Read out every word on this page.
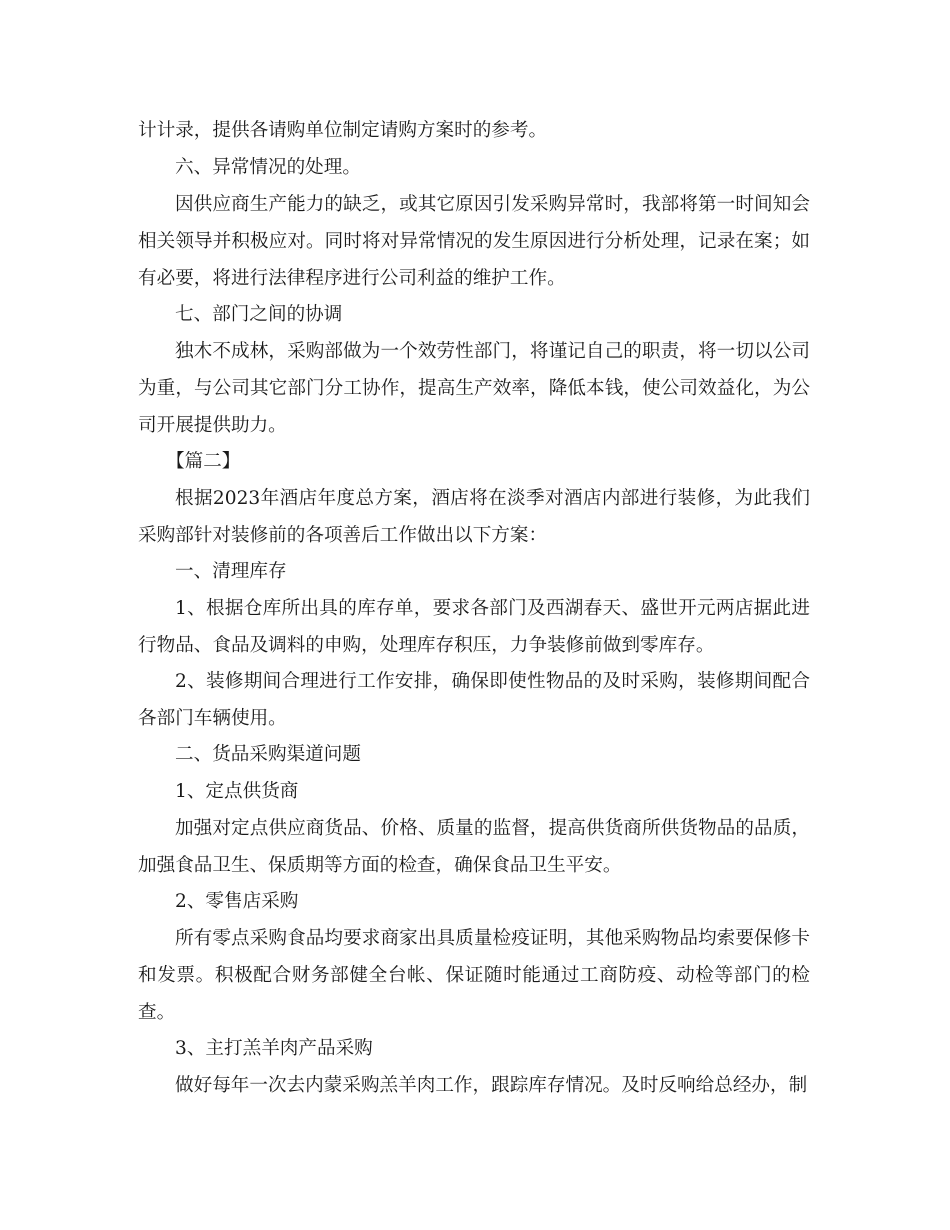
计计录，提供各请购单位制定请购方案时的参考。

六、异常情况的处理。

因供应商生产能力的缺乏，或其它原因引发采购异常时，我部将第一时间知会相关领导并积极应对。同时将对异常情况的发生原因进行分析处理，记录在案；如有必要，将进行法律程序进行公司利益的维护工作。

七、部门之间的协调

独木不成林，采购部做为一个效劳性部门，将谨记自己的职责，将一切以公司为重，与公司其它部门分工协作，提高生产效率，降低本钱，使公司效益化，为公司开展提供助力。

【篇二】

根据2023年酒店年度总方案，酒店将在淡季对酒店内部进行装修，为此我们采购部针对装修前的各项善后工作做出以下方案：

一、清理库存

1、根据仓库所出具的库存单，要求各部门及西湖春天、盛世开元两店据此进行物品、食品及调料的申购，处理库存积压，力争装修前做到零库存。

2、装修期间合理进行工作安排，确保即使性物品的及时采购，装修期间配合各部门车辆使用。

二、货品采购渠道问题

1、定点供货商

加强对定点供应商货品、价格、质量的监督，提高供货商所供货物品的品质，加强食品卫生、保质期等方面的检查，确保食品卫生平安。

2、零售店采购

所有零点采购食品均要求商家出具质量检疫证明，其他采购物品均索要保修卡和发票。积极配合财务部健全台帐、保证随时能通过工商防疫、动检等部门的检查。

3、主打羔羊肉产品采购

做好每年一次去内蒙采购羔羊肉工作，跟踪库存情况。及时反响给总经办，制
